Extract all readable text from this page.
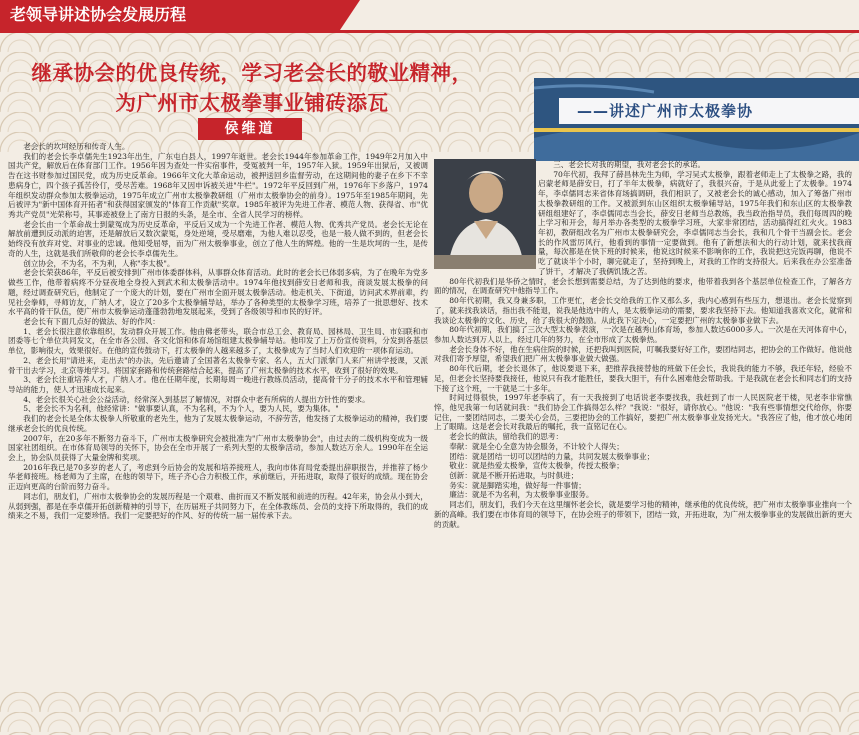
老领导讲述协会发展历程
继承协会的优良传统，学习老会长的敬业精神，
为广州市太极拳事业铺砖添瓦
侯维道
——讲述广州市太极拳协

老会长的坎坷经历和传奇人生。

我们的老会长李卓儒先生1923年出生，广东屯白县人，1997年逝世。老会长1944年参加革命工作，1949年2月加入中国共产党，解放后在体育部门工作。1956年因为查处一件实宿事件，受冤被判一年，1957年入狱。1959年出狱后，又被调告在这书财参加过国民党，成为历史反革命。1966年文化大革命运动，被押送回乡监督劳动，在这期间他的妻子在乡下不幸患病身亡，四个孩子孤苦伶仃，受尽苦难。1968年又因申诉被关进"牛栏"。1972年平反回到广州，1976年下乡落户，1974年组织发动群众参加太极拳运动，1975年成立广州市太极拳教研组（广州市太极拳协会的前身）。1975年至1985年期间，先后被评为"新中国体育开拓者"和获得国家颁发的"体育工作贡献"奖章。1985年被评为先进工作者、模范人物、获得省、市"优秀共产党员"光荣称号，其事迹被登上了南方日报的头条，是全市、全省人民学习的榜样。

老会长由一个革命战士到蒙冤成为历史反革命，平反后又成为一个先进工作者、模范人物、优秀共产党员。老会长无论在解放前遭到反动派的迫害，还是解放后又数次蒙冤，身处逆境，受尽磨难，为他人难以忍受，也是一般人做不到的，但老会长始终没有放弃对党、对事业的忠诚。他知受屈辱，而为广州太极拳事业，创立了他人生的辉煌。他的一生是坎坷的一生，是传奇的人生，这就是我们所敬仰的老会长李卓儒先生。

创立协会，不为名，不为利，人称"李太极"。

老会长荣获86年，平反后被安排到广州市体委群体科，从事群众体育活动。此时的老会长已体弱多病，为了在晚年为党多做些工作，他带着病疼不分昼夜地全身投入到武术和太极拳活动中。1974年他找到薛安日老师和我，商谈发展太极拳的问题，经过调查研究后，他制定了一个庞大的计划，要在广州市全面开展太极拳活动。他走机关、下街道，访问武术界前辈，约见社会拳师，寻师访友，广纳人才，设立了20多个太极拳辅导站，举办了各种类型的太极拳学习班，培养了一批思想好、技术水平高的骨干队伍，使广州市太极拳运动蓬蓬勃勃地发展起来，受到了各级领导和市民的好评。

老会长有下面几点好的做法、好的作风：

1、老会长很注意依靠组织，发动群众开展工作。他由佛老带头，联合市总工会、教育局、园林局、卫生局、市妇联和市团委等七个单位共同发文，在全市各公园、各文化馆和体育场馆组建太极拳辅导站。他印发了上万份宣传资料，分发到各基层单位，影响很大，效果很好。在他的宣传鼓动下，打太极拳的人越来越多了，太极拳成为了当时人们欢迎的一项体育运动。

2、老会长用"请进来，走出去"的办法，先后邀请了全国著名太极拳专家、名人，五大门派掌门人来广州讲学授课，又派骨干出去学习，北京等地学习。将国家套路和传统套路结合起来，提高了广州太极拳的技术水平，收到了很好的效果。

3、老会长注重培养人才，广纳人才。他在任期年度，长期每周一晚进行教练员活动，提高骨干分子的技术水平和管理辅导站的能力，使人才迅速成长起来。

4、老会长很关心社会公益活动，经常深入到基层了解情况，对群众中老有所病的人提出方针性的要求。

5、老会长不为名利，他经常讲："做事要认真，不为名利，不为个人，要为人民，要为集体。"

我们的老会长是全体太极拳人所敬重的老先生，他为了发展太极拳运动，不辞劳苦，他发扬了太极拳运动的精神，我们要继承老会长的优良传统。

2007年，在20多年不断努力奋斗下，广州市太极拳研究会被批准为"广州市太极拳协会"，由过去的二级机构变成为一级国家社团组织。在市体育局领导的关怀下，协会在全市开展了一系列大型的太极拳活动，参加人数达万余人。1990年在全运会上，协会队员获得了大量金牌和奖项。

2016年我已是70多岁的老人了，考虑到今后协会的发展和培养接班人，我向市体育局党委提出辞职报告，并推荐了杨少华老师接班。杨老师为了主席，在他的领导下，班子齐心合力积极工作，承前继后，开拓进取，取得了很好的成绩。现在协会正迈向更高的台阶而努力奋斗。

同志们，朋友们，广州市太极拳协会的发展历程是一个艰难、曲折而又不断发展和前进的历程。42年来，协会从小到大，从弱到强，都是在李卓儒开拓创新精神的引导下，在历届班子共同努力下，在全体教练员、会员的支持下所取得的，我们的成绩来之不易，我们一定要珍惜。我们一定要把好的作风、好的传统一届一届传承下去。

三、老会长对我的期望，我对老会长的承诺。

70年代初，我拜了薛昌林先生为师，学习吴式太极拳，跟着老师走上了太极拳之路，我的启蒙老师是薛安日，打了半年太极拳，病就好了，我很兴奋，于是从此爱上了太极拳。1974年，李卓儒同志来省体育场搞调研，我们相识了，又被老会长的诚心感动，加入了筹备广州市太极拳教研组的工作。又被派到东山区组织太极拳辅导站，1975年我们和东山区的太极拳教研组组建好了，李卓儒同志当会长，薛安日老师当总教练，我当政治指导员，我们每周四的晚上学习和开会，每月举办各类型的太极拳学习班，大家非常团结，活动搞得红红火火。1983年初，教研组改名为广州市太极拳研究会，李卓儒同志当会长，我和几个骨干当副会长。老会长的作风雷厉风行，他看到的事情一定要做到。他有了新想法和大的行动计划，就来找我商量，每次都是在快下班的时候来，他说这时候来不影响你的工作，我说把这完饭再聊，他说不吃了就谈半个小时，聊完就走了，坚持到晚上，对我的工作的支持很大。后来我在办公室准备了饼干，才解决了我俩饥饿之苦。

80年代初我们是华侨之情时，老会长想到需要总结，为了达到他的要求，他带着我到各个基层单位检查工作，了解各方面的情况，在调查研究中他指导工作。

80年代初期，我又身兼多职，工作更忙，老会长交给我的工作又那么多，我内心感到有些压力，想退出。老会长觉察到了，就来找我谈话，指出我不能退，说我是他选中的人，是太极拳运动的需要，要求我坚持下去。他知道我喜欢文化，就常和我谈论太极拳的文化、历史，给了我很大的鼓励。从此我下定决心，一定要把广州的太极拳事业做下去。

80年代初期，我们搞了三次大型太极拳表演，一次是在越秀山体育场，参加人数达6000多人。一次是在天河体育中心，参加人数达到万人以上，经过几年的努力，在全市形成了太极拳热。

老会长身体不好，他在生病住院的时候，还把我叫到医院，叮嘱我要好好工作，要团结同志，把协会的工作做好。他说他对我们寄予厚望，希望我们把广州太极拳事业做大做强。

80年代后期，老会长退休了，他说要退下来，把推荐我接替他的班做下任会长，我说我的能力不够，我还年轻，经验不足，但老会长坚持要我接任，他说只有我才能胜任，要我大胆干，有什么困难他会帮助我。于是我就在老会长和同志们的支持下接了这个班，一干就是二十多年。

时间过得很快，1997年老李病了，有一天我接到了电话说老李要找我，我赶到了市一人民医院老干楼，见老李非常憔悴，他见我第一句话就问我："我们协会工作搞得怎么样？"我说："很好，请你放心。"他说："我有些事情想交代给你，你要记住，一要团结同志，二要关心会员，三要把协会的工作搞好，要把广州太极拳事业发扬光大。"我答应了他，他才放心地闭上了眼睛。这是老会长对我最后的嘱托，我一直铭记在心。

老会长的做法，留给我们的思考：

奉献：就是全心全意为协会服务，不计较个人得失；

团结：就是团结一切可以团结的力量，共同发展太极拳事业；

敬业：就是热爱太极拳，宣传太极拳，传授太极拳；

创新：就是不断开拓进取，与时俱进；

务实：就是脚踏实地，做好每一件事情；

廉洁：就是不为名利，为太极拳事业服务。

同志们，朋友们，我们今天在这里缅怀老会长，就是要学习他的精神，继承他的优良传统，把广州市太极拳事业推向一个新的高峰。我们要在市体育局的领导下，在协会班子的带领下，团结一致，开拓进取，为广州太极拳事业的发展做出新的更大的贡献。
